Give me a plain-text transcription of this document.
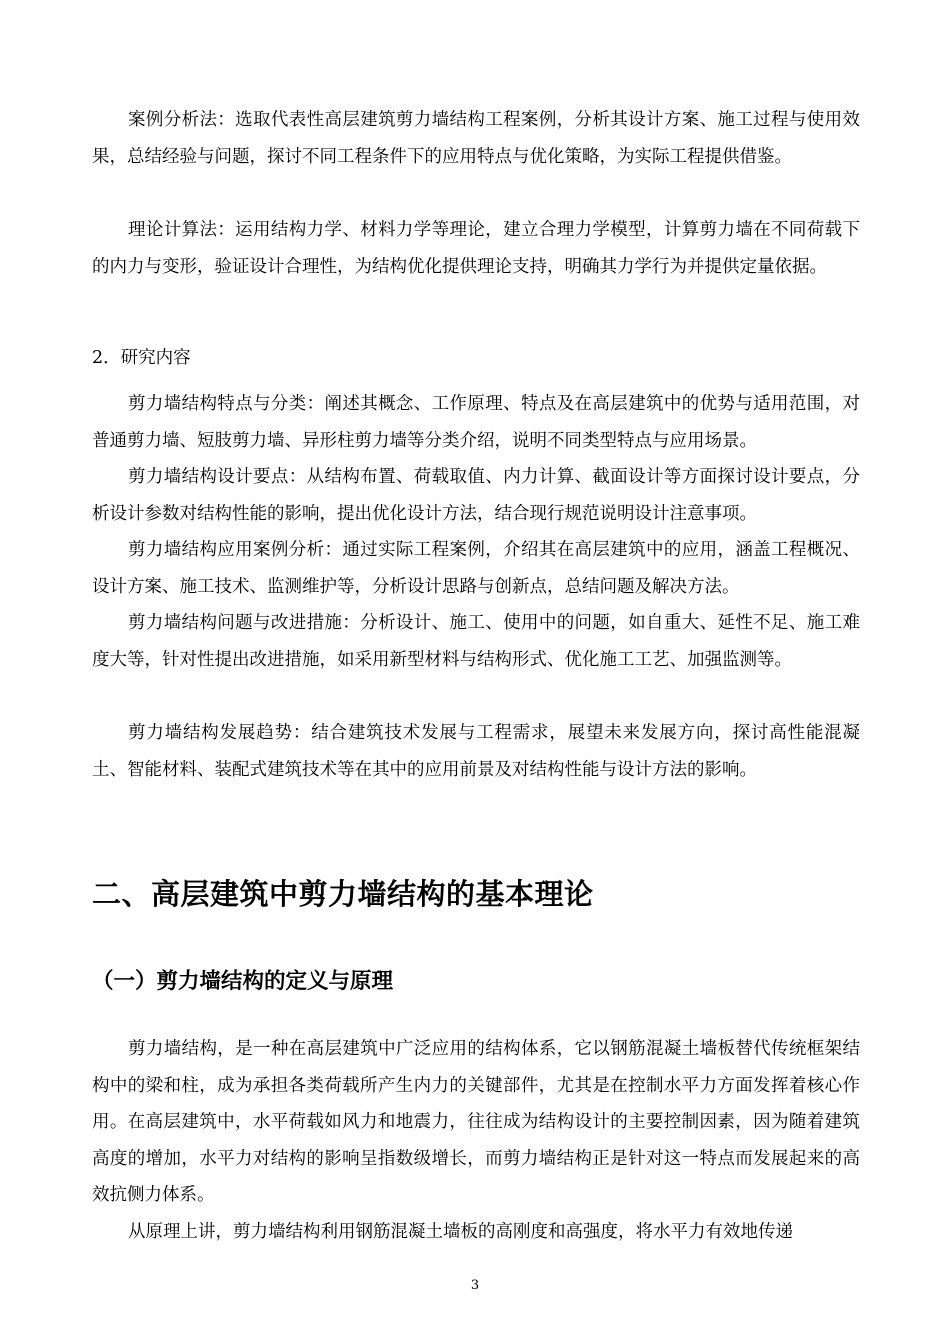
案例分析法：选取代表性高层建筑剪力墙结构工程案例，分析其设计方案、施工过程与使用效果，总结经验与问题，探讨不同工程条件下的应用特点与优化策略，为实际工程提供借鉴。

理论计算法：运用结构力学、材料力学等理论，建立合理力学模型，计算剪力墙在不同荷载下的内力与变形，验证设计合理性，为结构优化提供理论支持，明确其力学行为并提供定量依据。

2．研究内容

剪力墙结构特点与分类：阐述其概念、工作原理、特点及在高层建筑中的优势与适用范围，对普通剪力墙、短肢剪力墙、异形柱剪力墙等分类介绍，说明不同类型特点与应用场景。

剪力墙结构设计要点：从结构布置、荷载取值、内力计算、截面设计等方面探讨设计要点，分析设计参数对结构性能的影响，提出优化设计方法，结合现行规范说明设计注意事项。

剪力墙结构应用案例分析：通过实际工程案例，介绍其在高层建筑中的应用，涵盖工程概况、设计方案、施工技术、监测维护等，分析设计思路与创新点，总结问题及解决方法。

剪力墙结构问题与改进措施：分析设计、施工、使用中的问题，如自重大、延性不足、施工难度大等，针对性提出改进措施，如采用新型材料与结构形式、优化施工工艺、加强监测等。

剪力墙结构发展趋势：结合建筑技术发展与工程需求，展望未来发展方向，探讨高性能混凝土、智能材料、装配式建筑技术等在其中的应用前景及对结构性能与设计方法的影响。

二、高层建筑中剪力墙结构的基本理论
（一）剪力墙结构的定义与原理

剪力墙结构，是一种在高层建筑中广泛应用的结构体系，它以钢筋混凝土墙板替代传统框架结构中的梁和柱，成为承担各类荷载所产生内力的关键部件，尤其是在控制水平力方面发挥着核心作用。在高层建筑中，水平荷载如风力和地震力，往往成为结构设计的主要控制因素，因为随着建筑高度的增加，水平力对结构的影响呈指数级增长，而剪力墙结构正是针对这一特点而发展起来的高效抗侧力体系。

从原理上讲，剪力墙结构利用钢筋混凝土墙板的高刚度和高强度，将水平力有效地传递

3
